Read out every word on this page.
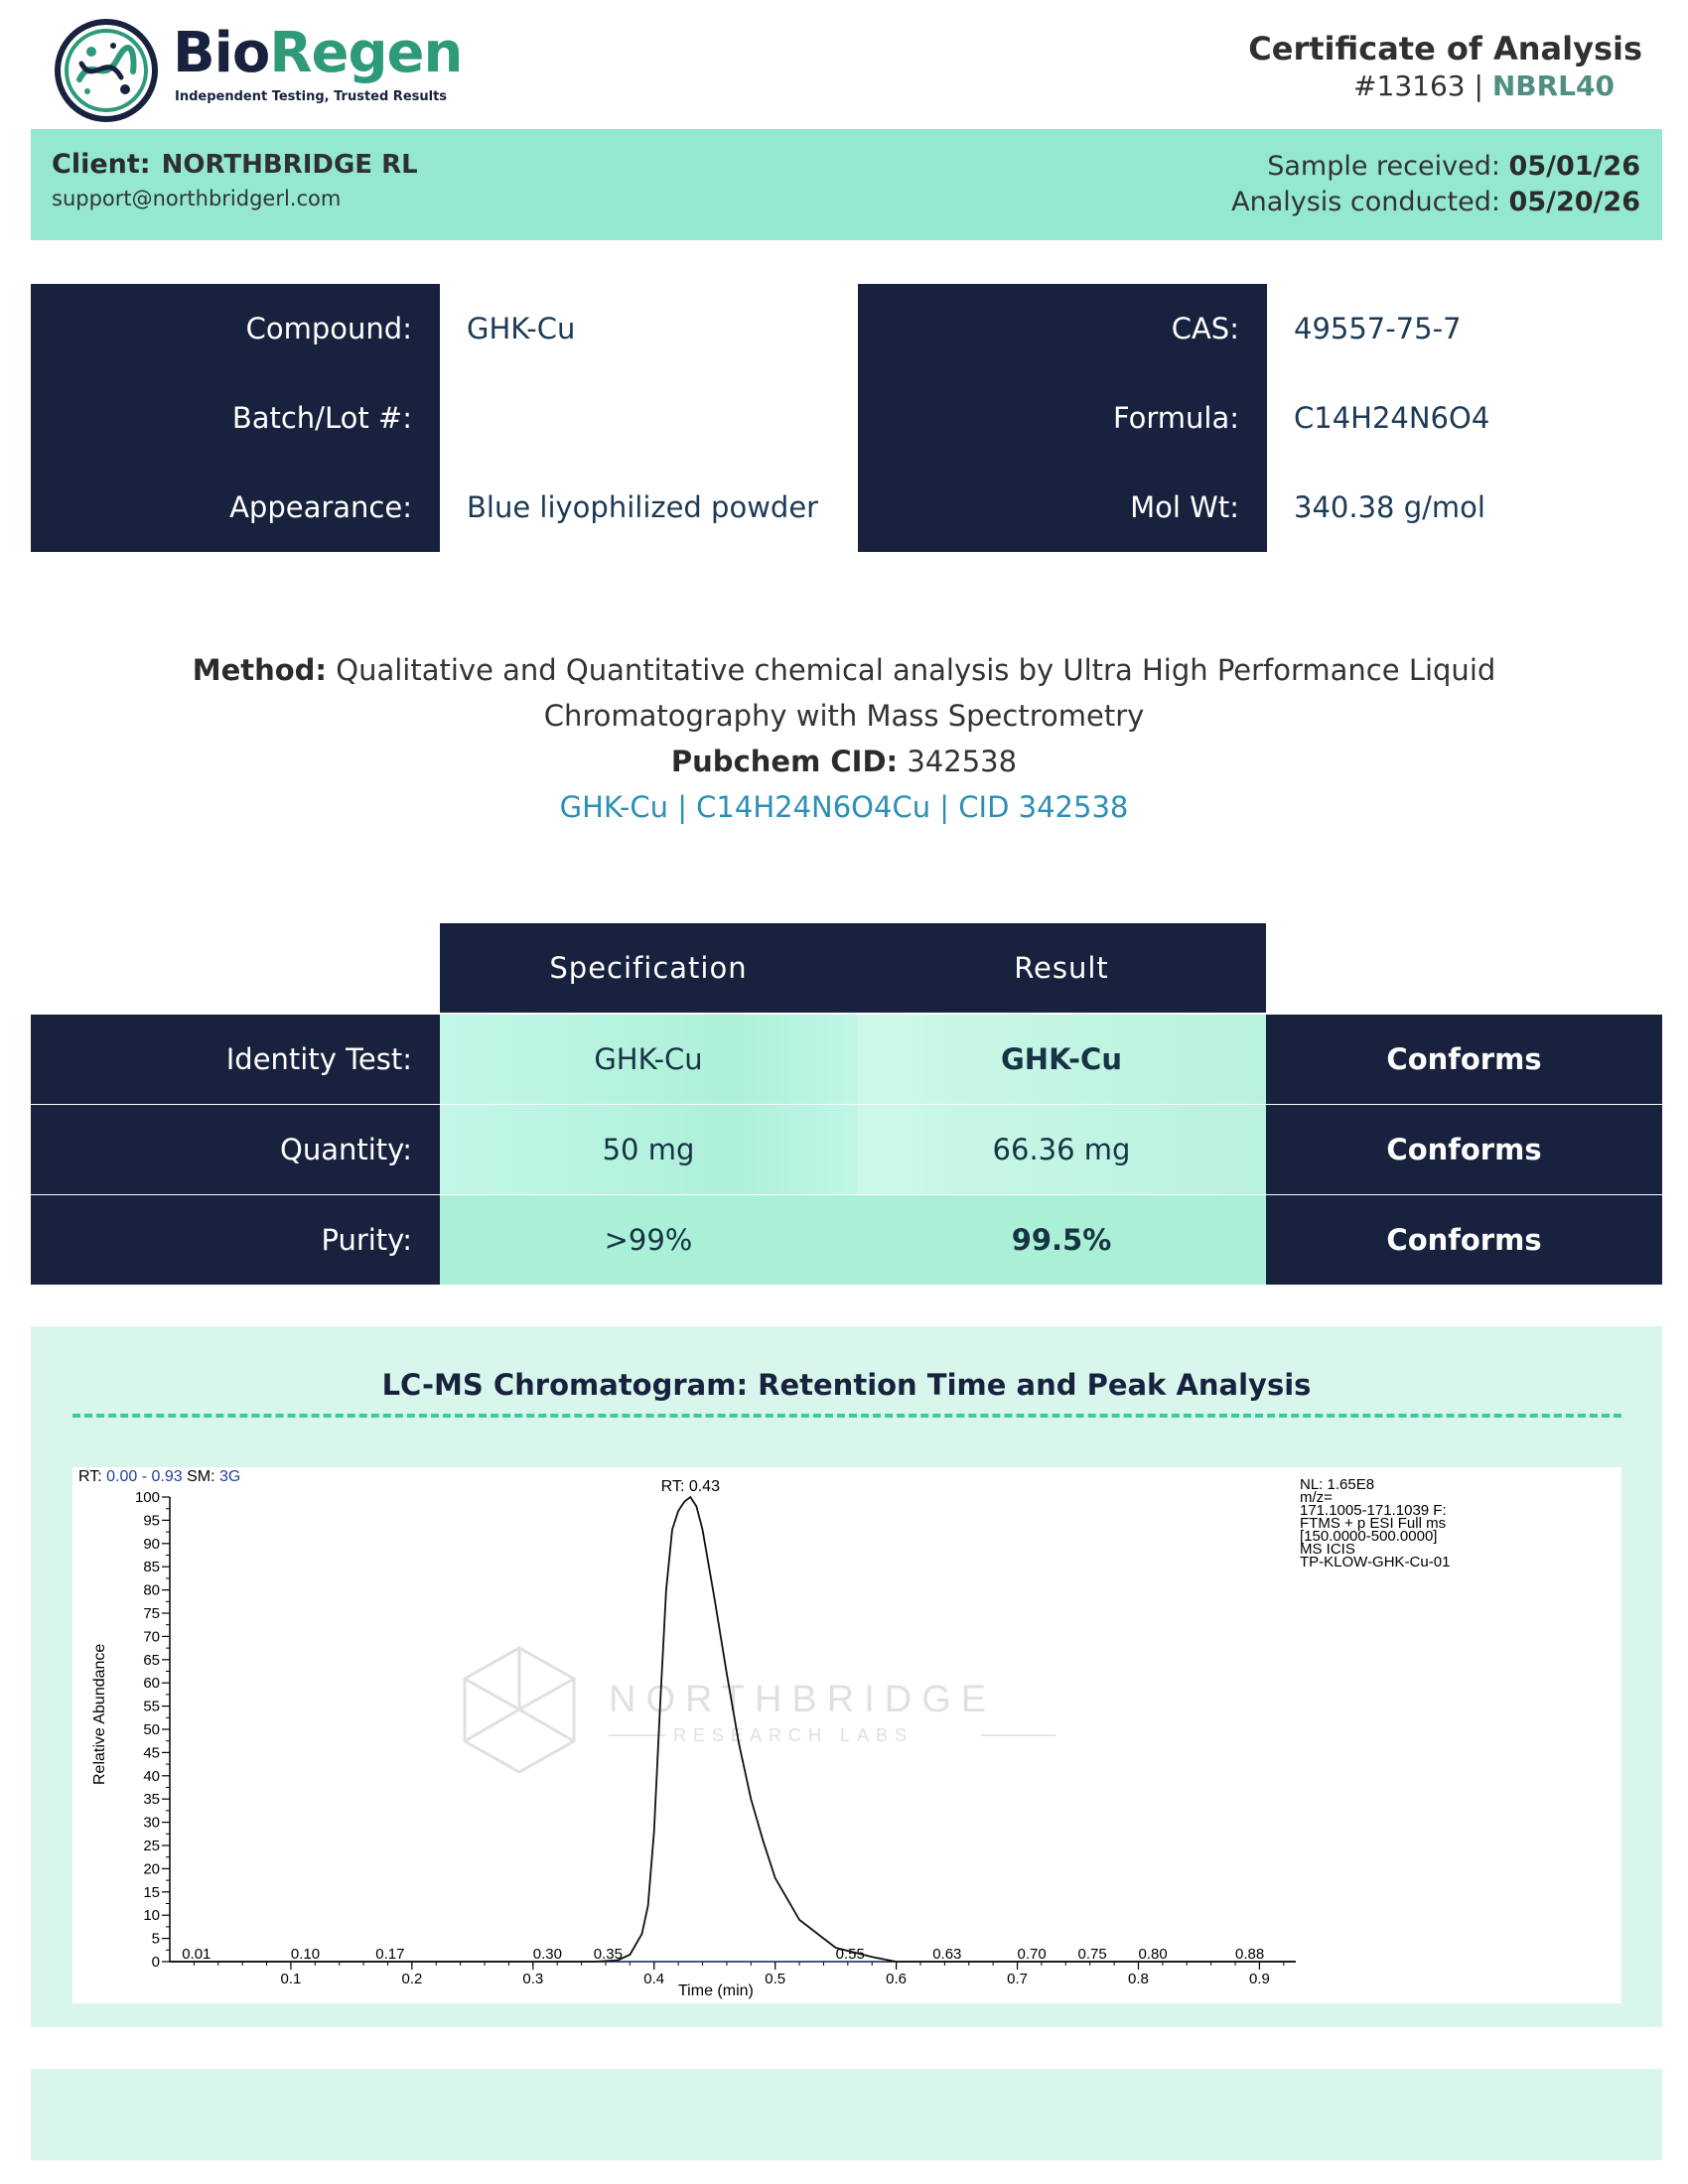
BioRegen
Independent Testing, Trusted Results
Certificate of Analysis
#13163 | NBRL40
Client: NORTHBRIDGE RL
support@northbridgerl.com
Sample received: 05/01/26
Analysis conducted: 05/20/26
Compound:	GHK-Cu
Batch/Lot #:
Appearance:	Blue liyophilized powder
CAS:	49557-75-7
Formula:	C14H24N6O4
Mol Wt:	340.38 g/mol
Method: Qualitative and Quantitative chemical analysis by Ultra High Performance Liquid Chromatography with Mass Spectrometry
Pubchem CID: 342538
GHK-Cu | C14H24N6O4Cu | CID 342538
Specification	Result
Identity Test:	GHK-Cu	GHK-Cu	Conforms
Quantity:	50 mg	66.36 mg	Conforms
Purity:	>99%	99.5%	Conforms
LC-MS Chromatogram: Retention Time and Peak Analysis
RT: 0.00 - 0.93 SM: 3G	NL: 1.65E8
m/z=
171.1005-171.1039 F:
FTMS + p ESI Full ms
[150.0000-500.0000]
MS ICIS
TP-KLOW-GHK-Cu-01
NORTHBRIDGE
RESEARCH LABS
0
5
10
15
20
25
30
35
40
45
50
55
60
65
70
75
80
85
90
95
100
0.1	0.2	0.3	0.4	0.5	0.6	0.7	0.8	0.9
0.01	0.10	0.17	0.30 0.35	0.55	0.63	0.70 0.75 0.80	0.88
Relative Abundance
Time (min)
RT: 0.43
